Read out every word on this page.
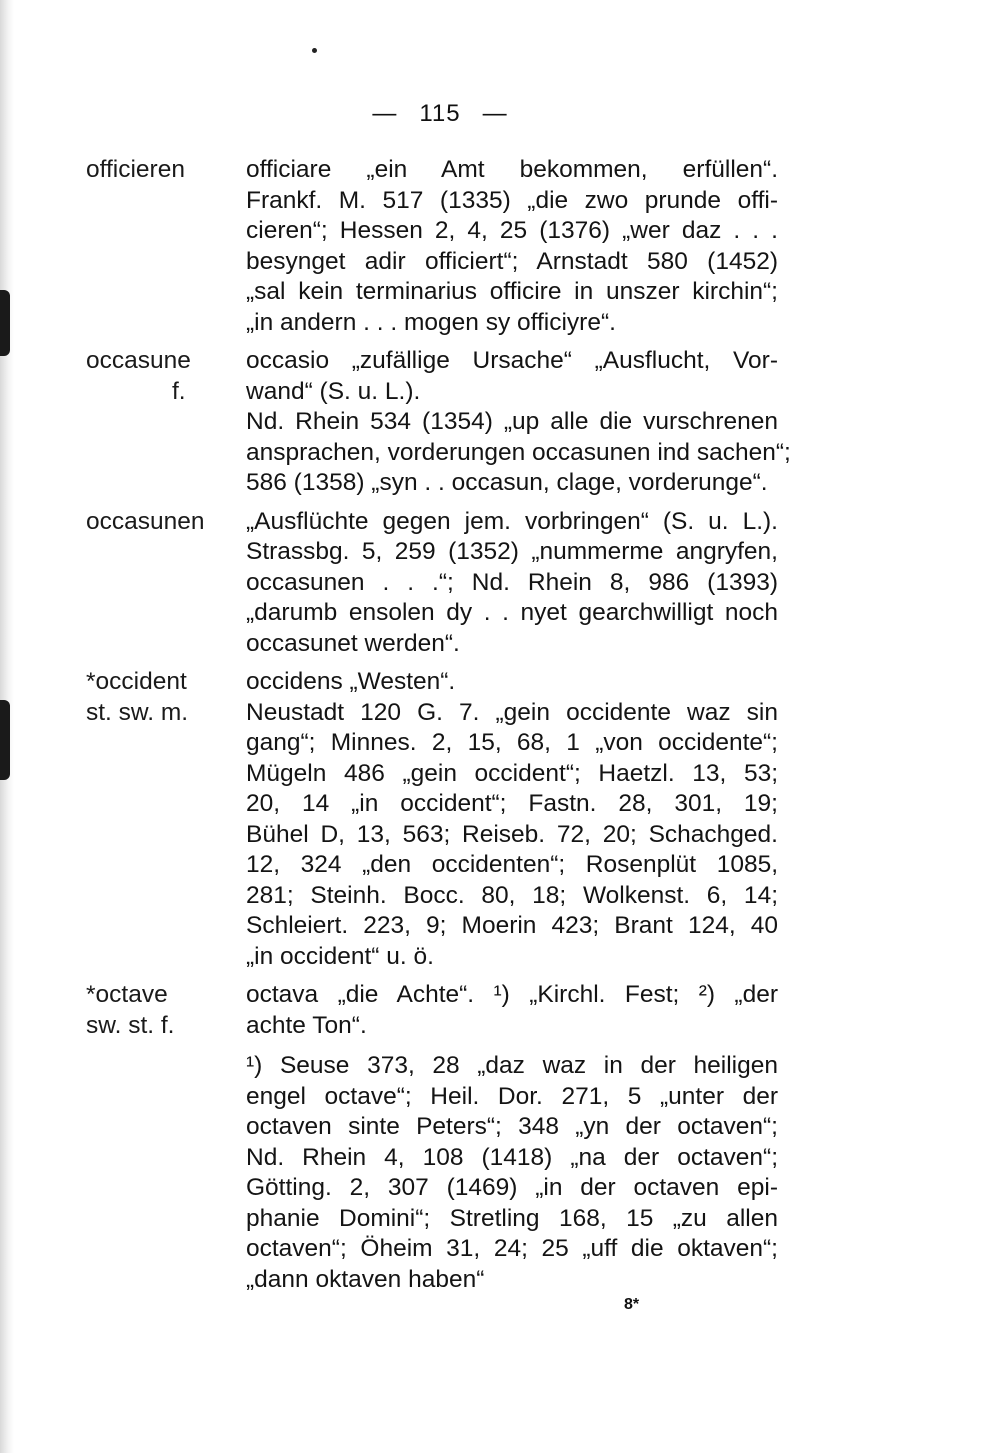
— 115 —
officieren	officiare „ein Amt bekommen, erfüllen“.
Frankf. M. 517 (1335) „die zwo prunde offi-
cieren“; Hessen 2, 4, 25 (1376) „wer daz . . .
besynget adir officiert“; Arnstadt 580 (1452)
„sal kein terminarius officire in unszer kirchin“;
„in andern . . . mogen sy officiyre“.
occasune
f.
occasio „zufällige Ursache“ „Ausflucht, Vor-
wand“ (S. u. L.).
Nd. Rhein 534 (1354) „up alle die vurschrenen
ansprachen, vorderungen occasunen ind sachen“;
586 (1358) „syn . . occasun, clage, vorderunge“.
occasunen	„Ausflüchte gegen jem. vorbringen“ (S. u. L.).
Strassbg. 5, 259 (1352) „nummerme angryfen,
occasunen . . .“; Nd. Rhein 8, 986 (1393)
„darumb ensolen dy . . nyet gearchwilligt noch
occasunet werden“.
*occident
st. sw. m.
occidens „Westen“.
Neustadt 120 G. 7. „gein occidente waz sin
gang“; Minnes. 2, 15, 68, 1 „von occidente“;
Mügeln 486 „gein occident“; Haetzl. 13, 53;
20, 14 „in occident“; Fastn. 28, 301, 19;
Bühel D, 13, 563; Reiseb. 72, 20; Schachged.
12, 324 „den occidenten“; Rosenplüt 1085,
281; Steinh. Bocc. 80, 18; Wolkenst. 6, 14;
Schleiert. 223, 9; Moerin 423; Brant 124, 40
„in occident“ u. ö.
*octave
sw. st. f.
octava „die Achte“. ¹) „Kirchl. Fest; ²) „der
achte Ton“.
¹) Seuse 373, 28 „daz waz in der heiligen
engel octave“; Heil. Dor. 271, 5 „unter der
octaven sinte Peters“; 348 „yn der octaven“;
Nd. Rhein 4, 108 (1418) „na der octaven“;
Götting. 2, 307 (1469) „in der octaven epi-
phanie Domini“; Stretling 168, 15 „zu allen
octaven“; Öheim 31, 24; 25 „uff die oktaven“;
„dann oktaven haben“
8*
